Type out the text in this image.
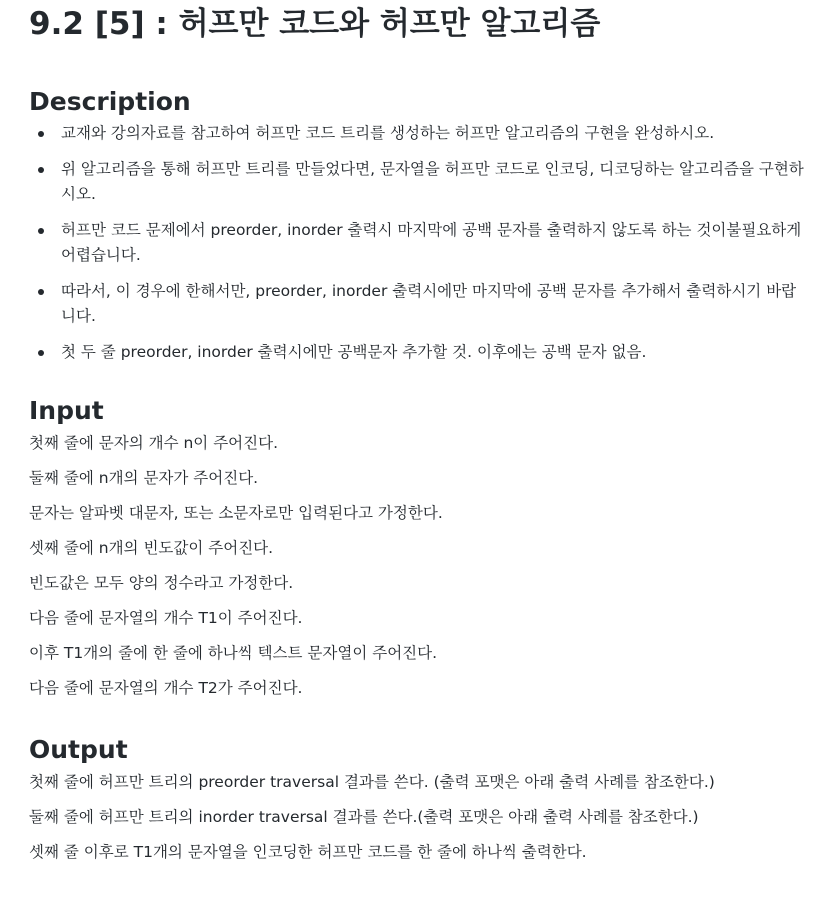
9.2 [5] : 허프만 코드와 허프만 알고리즘
Description
교재와 강의자료를 참고하여 허프만 코드 트리를 생성하는 허프만 알고리즘의 구현을 완성하시오.
위 알고리즘을 통해 허프만 트리를 만들었다면, 문자열을 허프만 코드로 인코딩, 디코딩하는 알고리즘을 구현하시오.
허프만 코드 문제에서 preorder, inorder 출력시 마지막에 공백 문자를 출력하지 않도록 하는 것이불필요하게 어렵습니다.
따라서, 이 경우에 한해서만, preorder, inorder 출력시에만 마지막에 공백 문자를 추가해서 출력하시기 바랍니다.
첫 두 줄 preorder, inorder 출력시에만 공백문자 추가할 것. 이후에는 공백 문자 없음.
Input

첫째 줄에 문자의 개수 n이 주어진다.

둘째 줄에 n개의 문자가 주어진다.

문자는 알파벳 대문자, 또는 소문자로만 입력된다고 가정한다.

셋째 줄에 n개의 빈도값이 주어진다.

빈도값은 모두 양의 정수라고 가정한다.

다음 줄에 문자열의 개수 T1이 주어진다.

이후 T1개의 줄에 한 줄에 하나씩 텍스트 문자열이 주어진다.

다음 줄에 문자열의 개수 T2가 주어진다.

Output

첫째 줄에 허프만 트리의 preorder traversal 결과를 쓴다. (출력 포맷은 아래 출력 사례를 참조한다.)

둘째 줄에 허프만 트리의 inorder traversal 결과를 쓴다.(출력 포맷은 아래 출력 사례를 참조한다.)

셋째 줄 이후로 T1개의 문자열을 인코딩한 허프만 코드를 한 줄에 하나씩 출력한다.
